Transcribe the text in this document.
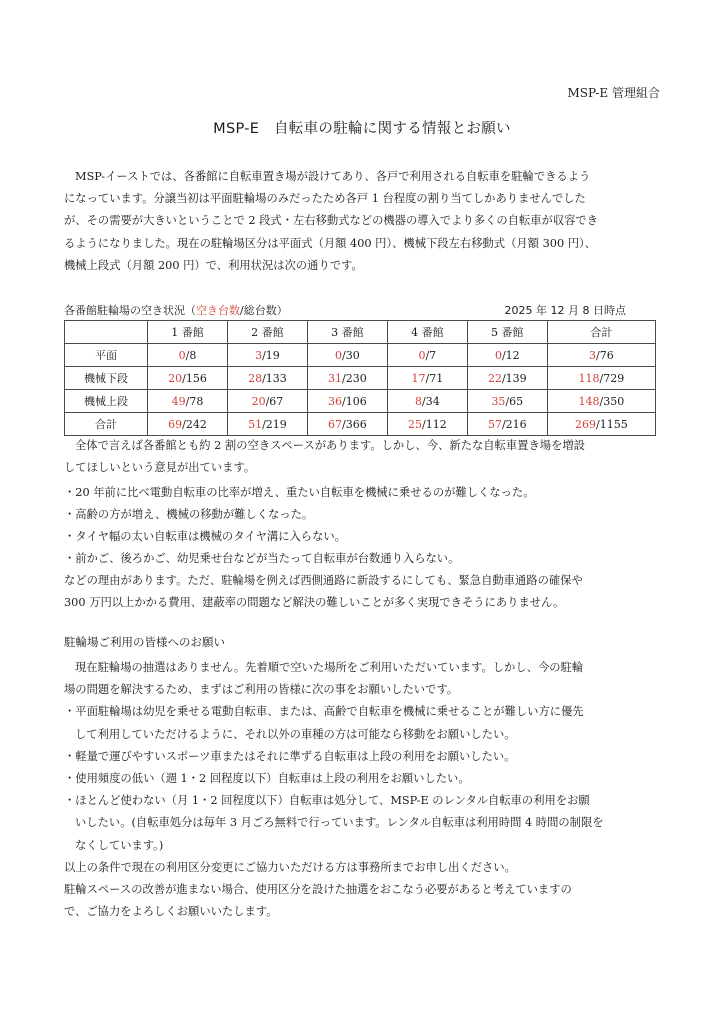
MSP-E 管理組合
MSP-E　自転車の駐輪に関する情報とお願い
MSP-イーストでは、各番館に自転車置き場が設けてあり、各戸で利用される自転車を駐輪できるよう
になっています。分譲当初は平面駐輪場のみだったため各戸 1 台程度の割り当てしかありませんでした
が、その需要が大きいということで 2 段式・左右移動式などの機器の導入でより多くの自転車が収容でき
るようになりました。現在の駐輪場区分は平面式（月額 400 円）、機械下段左右移動式（月額 300 円）、
機械上段式（月額 200 円）で、利用状況は次の通りです。
各番館駐輪場の空き状況（空き台数/総台数）	2025 年 12 月 8 日時点
	1 番館	2 番館	3 番館	4 番館	5 番館	合計
平面	0/8	3/19	0/30	0/7	0/12	3/76
機械下段	20/156	28/133	31/230	17/71	22/139	118/729
機械上段	49/78	20/67	36/106	8/34	35/65	148/350
合計	69/242	51/219	67/366	25/112	57/216	269/1155
全体で言えば各番館とも約 2 割の空きスペースがあります。しかし、今、新たな自転車置き場を増設
してほしいという意見が出ています。
・20 年前に比べ電動自転車の比率が増え、重たい自転車を機械に乗せるのが難しくなった。
・高齢の方が増え、機械の移動が難しくなった。
・タイヤ幅の太い自転車は機械のタイヤ溝に入らない。
・前かご、後ろかご、幼児乗せ台などが当たって自転車が台数通り入らない。
などの理由があります。ただ、駐輪場を例えば西側通路に新設するにしても、緊急自動車通路の確保や
300 万円以上かかる費用、建蔽率の問題など解決の難しいことが多く実現できそうにありません。
駐輪場ご利用の皆様へのお願い
現在駐輪場の抽選はありません。先着順で空いた場所をご利用いただいています。しかし、今の駐輪
場の問題を解決するため、まずはご利用の皆様に次の事をお願いしたいです。
・平面駐輪場は幼児を乗せる電動自転車、または、高齢で自転車を機械に乗せることが難しい方に優先
して利用していただけるように、それ以外の車種の方は可能なら移動をお願いしたい。
・軽量で運びやすいスポーツ車またはそれに準ずる自転車は上段の利用をお願いしたい。
・使用頻度の低い（週 1・2 回程度以下）自転車は上段の利用をお願いしたい。
・ほとんど使わない（月 1・2 回程度以下）自転車は処分して、MSP-E のレンタル自転車の利用をお願
いしたい。(自転車処分は毎年 3 月ごろ無料で行っています。レンタル自転車は利用時間 4 時間の制限を
なくしています。)
以上の条件で現在の利用区分変更にご協力いただける方は事務所までお申し出ください。
駐輪スペースの改善が進まない場合、使用区分を設けた抽選をおこなう必要があると考えていますの
で、ご協力をよろしくお願いいたします。
